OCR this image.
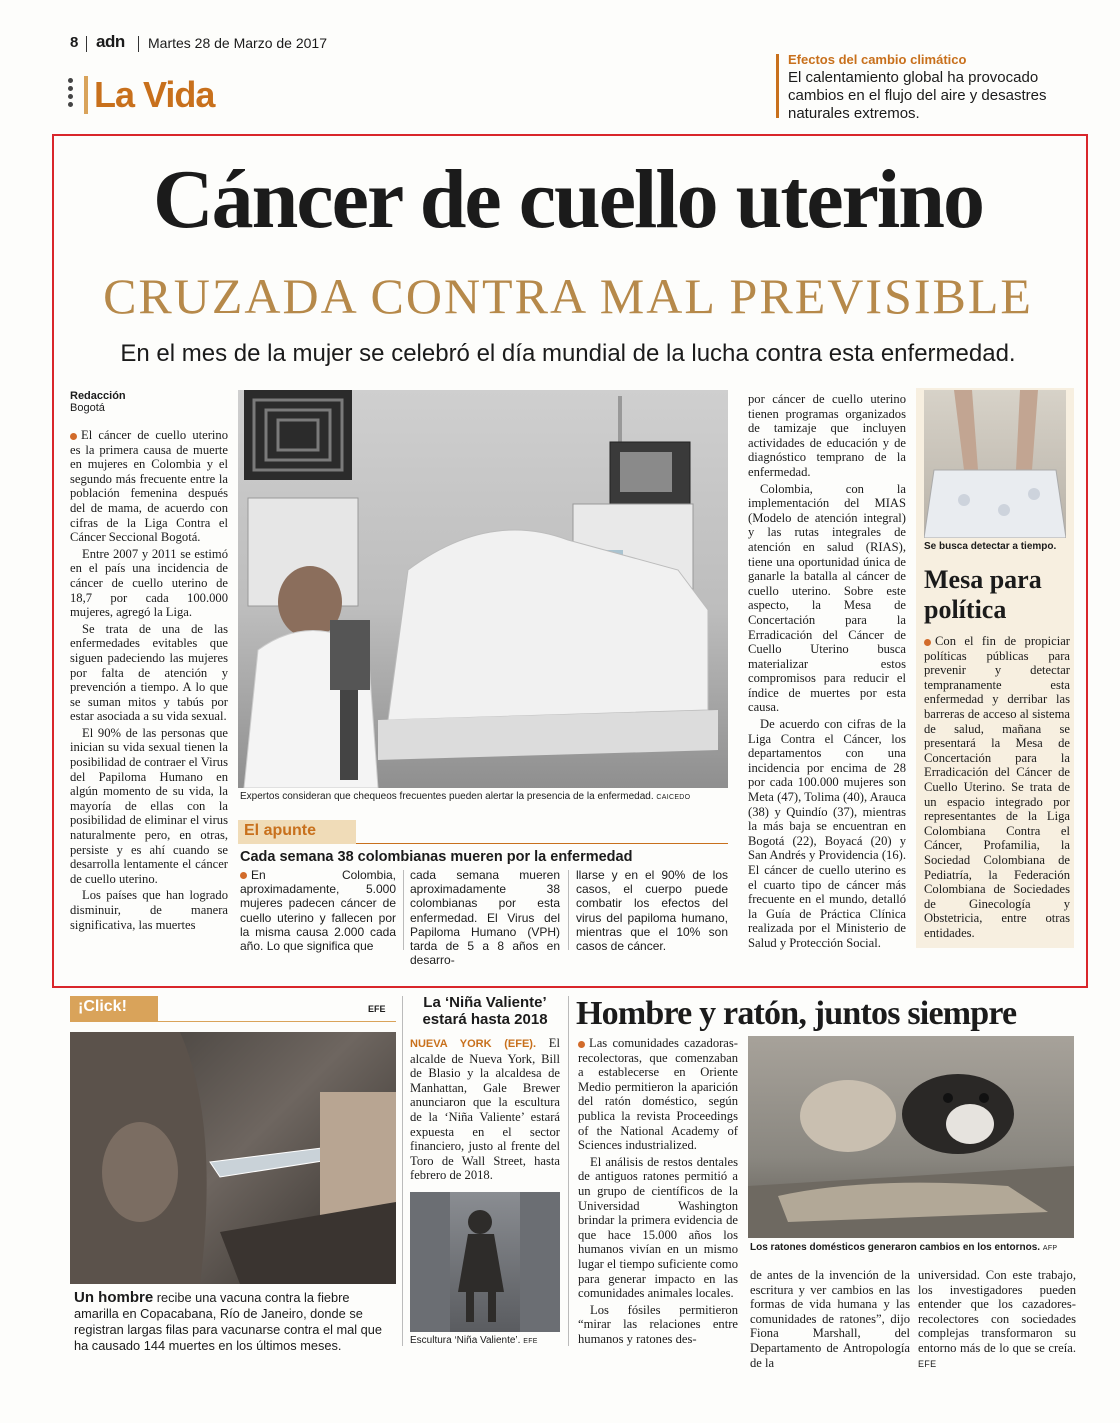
8 adn Martes 28 de Marzo de 2017
La Vida
Efectos del cambio climático
El calentamiento global ha provocado cambios en el flujo del aire y desastres naturales extremos.
Cáncer de cuello uterino
CRUZADA CONTRA MAL PREVISIBLE
En el mes de la mujer se celebró el día mundial de la lucha contra esta enfermedad.
Redacción
Bogotá

El cáncer de cuello uterino es la primera causa de muerte en mujeres en Colombia y el segundo más frecuente entre la población femenina después del de mama, de acuerdo con cifras de la Liga Contra el Cáncer Seccional Bogotá.

Entre 2007 y 2011 se estimó en el país una incidencia de cáncer de cuello uterino de 18,7 por cada 100.000 mujeres, agregó la Liga.

Se trata de una de las enfermedades evitables que siguen padeciendo las mujeres por falta de atención y prevención a tiempo. A lo que se suman mitos y tabús por estar asociada a su vida sexual.

El 90% de las personas que inician su vida sexual tienen la posibilidad de contraer el Virus del Papiloma Humano en algún momento de su vida, la mayoría de ellas con la posibilidad de eliminar el virus naturalmente pero, en otras, persiste y es ahí cuando se desarrolla lentamente el cáncer de cuello uterino.

Los países que han logrado disminuir, de manera significativa, las muertes

Expertos consideran que chequeos frecuentes pueden alertar la presencia de la enfermedad. CAICEDO
El apunte
Cada semana 38 colombianas mueren por la enfermedad
En Colombia, aproximadamente, 5.000 mujeres padecen cáncer de cuello uterino y fallecen por la misma causa 2.000 cada año. Lo que significa que
cada semana mueren aproximadamente 38 colombianas por esta enfermedad. El Virus del Papiloma Humano (VPH) tarda de 5 a 8 años en desarro-
llarse y en el 90% de los casos, el cuerpo puede combatir los efectos del virus del papiloma humano, mientras que el 10% son casos de cáncer.

por cáncer de cuello uterino tienen programas organizados de tamizaje que incluyen actividades de educación y de diagnóstico temprano de la enfermedad.

Colombia, con la implementación del MIAS (Modelo de atención integral) y las rutas integrales de atención en salud (RIAS), tiene una oportunidad única de ganarle la batalla al cáncer de cuello uterino. Sobre este aspecto, la Mesa de Concertación para la Erradicación del Cáncer de Cuello Uterino busca materializar estos compromisos para reducir el índice de muertes por esta causa.

De acuerdo con cifras de la Liga Contra el Cáncer, los departamentos con una incidencia por encima de 28 por cada 100.000 mujeres son Meta (47), Tolima (40), Arauca (38) y Quindío (37), mientras la más baja se encuentran en Bogotá (22), Boyacá (20) y San Andrés y Providencia (16). El cáncer de cuello uterino es el cuarto tipo de cáncer más frecuente en el mundo, detalló la Guía de Práctica Clínica realizada por el Ministerio de Salud y Protección Social.

Se busca detectar a tiempo.
Mesa para política

Con el fin de propiciar políticas públicas para prevenir y detectar tempranamente esta enfermedad y derribar las barreras de acceso al sistema de salud, mañana se presentará la Mesa de Concertación para la Erradicación del Cáncer de Cuello Uterino. Se trata de un espacio integrado por representantes de la Liga Colombiana Contra el Cáncer, Profamilia, la Sociedad Colombiana de Pediatría, la Federación Colombiana de Sociedades de Ginecología y Obstetricia, entre otras entidades.

¡Click!	EFE
Un hombre recibe una vacuna contra la fiebre amarilla en Copacabana, Río de Janeiro, donde se registran largas filas para vacunarse contra el mal que ha causado 144 muertes en los últimos meses.
La ‘Niña Valiente’ estará hasta 2018

NUEVA YORK (EFE). El alcalde de Nueva York, Bill de Blasio y la alcaldesa de Manhattan, Gale Brewer anunciaron que la escultura de la ‘Niña Valiente’ estará expuesta en el sector financiero, justo al frente del Toro de Wall Street, hasta febrero de 2018.

Escultura ‘Niña Valiente’. EFE
Hombre y ratón, juntos siempre

Las comunidades cazadoras-recolectoras, que comenzaban a establecerse en Oriente Medio permitieron la aparición del ratón doméstico, según publica la revista Proceedings of the National Academy of Sciences industrialized.

El análisis de restos dentales de antiguos ratones permitió a un grupo de científicos de la Universidad Washington brindar la primera evidencia de que hace 15.000 años los humanos vivían en un mismo lugar el tiempo suficiente como para generar impacto en las comunidades animales locales.

Los fósiles permitieron “mirar las relaciones entre humanos y ratones des-

Los ratones domésticos generaron cambios en los entornos. AFP

de antes de la invención de la escritura y ver cambios en las formas de vida humana y las comunidades de ratones”, dijo Fiona Marshall, del Departamento de Antropología de la

universidad. Con este trabajo, los investigadores pueden entender que los cazadores-recolectores con sociedades complejas transformaron su entorno más de lo que se creía. EFE
